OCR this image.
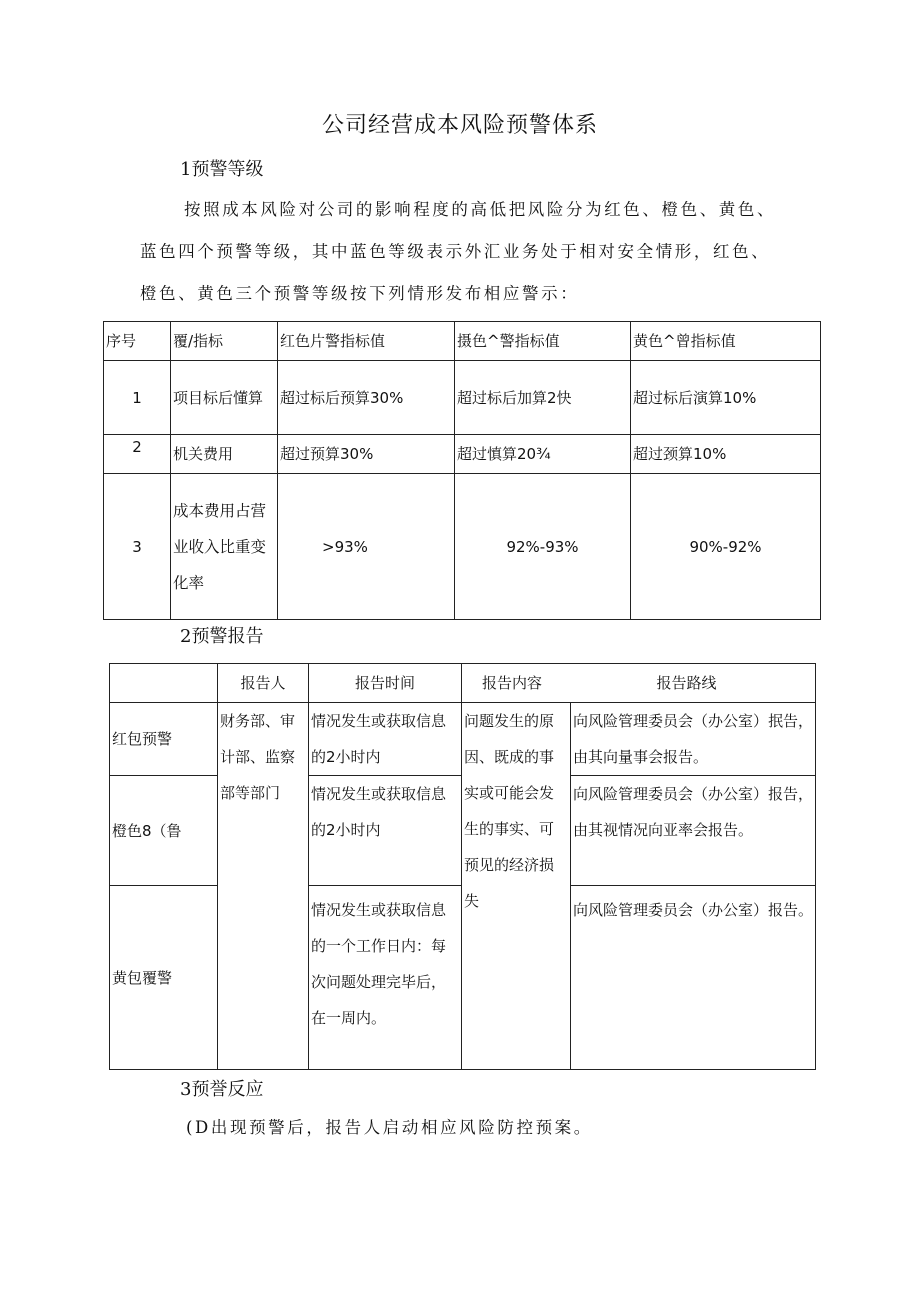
公司经营成本风险预警体系
1预警等级
按照成本风险对公司的影响程度的高低把风险分为红色、橙色、黄色、
蓝色四个预警等级，其中蓝色等级表示外汇业务处于相对安全情形，红色、
橙色、黄色三个预警等级按下列情形发布相应警示：
序号	覆/指标	红色片警指标值	摄色^警指标值	黄色^曾指标值
1	项目标后懂算	超过标后预算30%	超过标后加算2快	超过标后演算10%
2	机关费用	超过预算30%	超过慎算20¾	超过颈算10%
3	成本费用占营业收入比重变化率	>93%	92%-93%	90%-92%
2预警报告
	报告人	报告时间	报告内容	报告路线
红包预警	财务部、审计部、监察部等部门	情况发生或获取信息的2小时内	问题发生的原因、既成的事实或可能会发生的事实、可预见的经济损失	向风险管理委员会（办公室）抿告，由其向量事会报告。
橙色8（鲁		情况发生或获取信息的2小时内		向风险管理委员会（办公室）报告，由其视情况向亚率会报告。
黄包覆警		情况发生或获取信息的一个工作日内：每次问题处理完毕后，在一周内。		向风险管理委员会（办公室）报告。
3预誉反应
(D出现预警后，报告人启动相应风险防控预案。
